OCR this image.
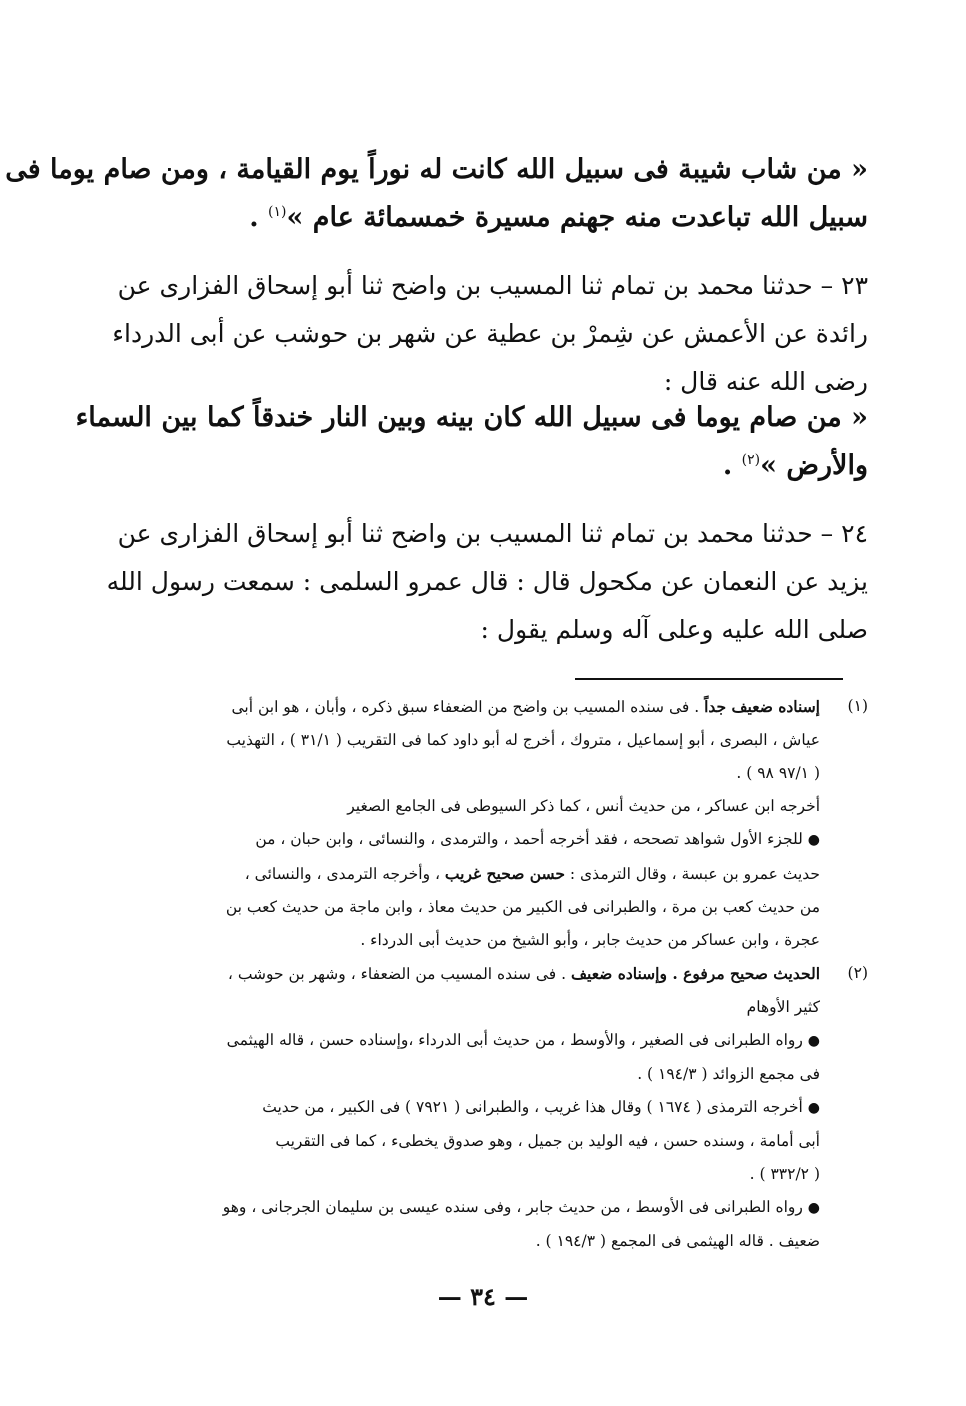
« من شاب شيبة فى سبيل الله كانت له نوراً يوم القيامة ، ومن صام يوما فى
سبيل الله تباعدت منه جهنم مسيرة خمسمائة عام »$^{(١)}$ .
٢٣ – حدثنا محمد بن تمام ثنا المسيب بن واضح ثنا أبو إسحاق الفزارى عن
رائدة عن الأعمش عن شِمرْ بن عطية عن شهر بن حوشب عن أبى الدرداء
رضى الله عنه قال :
« من صام يوما فى سبيل الله كان بينه وبين النار خندقاً كما بين السماء
والأرض »$^{(٢)}$ .
٢٤ – حدثنا محمد بن تمام ثنا المسيب بن واضح ثنا أبو إسحاق الفزارى عن
يزيد عن النعمان عن مكحول قال : قال عمرو السلمى : سمعت رسول الله
صلى الله عليه وعلى آله وسلم يقول :
(١)
إسناده ضعيف جداً . فى سنده المسيب بن واضح من الضعفاء سبق ذكره ، وأبان ، هو ابن أبى
عياش ، البصرى ، أبو إسماعيل ، متروك ، أخرج له أبو داود كما فى التقريب ( ٣١/١ ) ، التهذيب
( ٩٧/١ ٩٨ ) .
أخرجه ابن عساكر ، من حديث أنس ، كما ذكر السيوطى فى الجامع الصغير
● للجزء الأول شواهد تصححه ، فقد أخرجه أحمد ، والترمدى ، والنسائى ، وابن حبان ، من
حديث عمرو بن عبسة ، وقال الترمذى : حسن صحيح غريب ، وأخرجه الترمدى ، والنسائى ،
من حديث كعب بن مرة ، والطبرانى فى الكبير من حديث معاذ ، وابن ماجة من حديث كعب بن
عجرة ، وابن عساكر من حديث جابر ، وأبو الشيخ من حديث أبى الدرداء .
(٢)
الحديث صحيح مرفوع . وإسناده ضعيف . فى سنده المسيب من الضعفاء ، وشهر بن حوشب ،
كثير الأوهام
● رواه الطبرانى فى الصغير ، والأوسط ، من حديث أبى الدرداء ،وإسناده حسن ، قاله الهيثمى
فى مجمع الزوائد ( ١٩٤/٣ ) .
● أخرجه الترمذى ( ١٦٧٤ ) وقال هذا غريب ، والطبرانى ( ٧٩٢١ ) فى الكبير ، من حديث
أبى أمامة ، وسنده حسن ، فيه الوليد بن جميل ، وهو صدوق يخطىء ، كما فى التقريب
( ٣٣٢/٢ ) .
● رواه الطبرانى فى الأوسط ، من حديث جابر ، وفى سنده عيسى بن سليمان الجرجانى ، وهو
ضعيف . قاله الهيثمى فى المجمع ( ١٩٤/٣ ) .
— ٣٤ —
